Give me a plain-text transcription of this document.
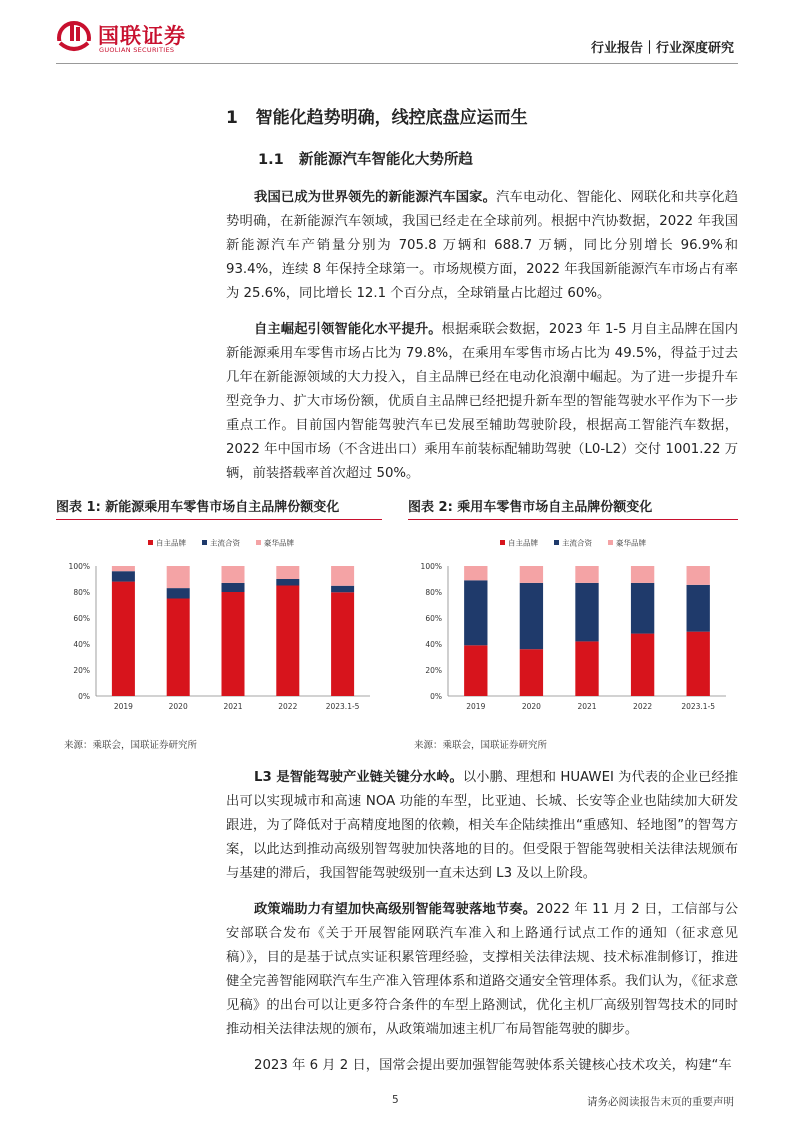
国联证券
GUOLIAN SECURITIES	行业报告｜行业深度研究
1   智能化趋势明确，线控底盘应运而生
1.1   新能源汽车智能化大势所趋
我国已成为世界领先的新能源汽车国家。汽车电动化、智能化、网联化和共享化趋势明确，在新能源汽车领域，我国已经走在全球前列。根据中汽协数据，2022 年我国新能源汽车产销量分别为 705.8 万辆和 688.7 万辆，同比分别增长 96.9%和 93.4%，连续 8 年保持全球第一。市场规模方面，2022 年我国新能源汽车市场占有率为 25.6%，同比增长 12.1 个百分点，全球销量占比超过 60%。
自主崛起引领智能化水平提升。根据乘联会数据，2023 年 1-5 月自主品牌在国内新能源乘用车零售市场占比为 79.8%，在乘用车零售市场占比为 49.5%，得益于过去几年在新能源领域的大力投入，自主品牌已经在电动化浪潮中崛起。为了进一步提升车型竞争力、扩大市场份额，优质自主品牌已经把提升新车型的智能驾驶水平作为下一步重点工作。目前国内智能驾驶汽车已发展至辅助驾驶阶段，根据高工智能汽车数据，2022 年中国市场（不含进出口）乘用车前装标配辅助驾驶（L0-L2）交付 1001.22 万辆，前装搭载率首次超过 50%。
图表 1: 新能源乘用车零售市场自主品牌份额变化	图表 2: 乘用车零售市场自主品牌份额变化
自主品牌	主流合资	豪华品牌
0%
20%
40%
60%
80%
100%
2019	2020	2021	2022	2023.1-5
自主品牌	主流合资	豪华品牌
0%
20%
40%
60%
80%
100%
2019	2020	2021	2022	2023.1-5
来源：乘联会，国联证券研究所	来源：乘联会，国联证券研究所
L3 是智能驾驶产业链关键分水岭。以小鹏、理想和 HUAWEI 为代表的企业已经推出可以实现城市和高速 NOA 功能的车型，比亚迪、长城、长安等企业也陆续加大研发跟进，为了降低对于高精度地图的依赖，相关车企陆续推出“重感知、轻地图”的智驾方案，以此达到推动高级别智驾驶加快落地的目的。但受限于智能驾驶相关法律法规颁布与基建的滞后，我国智能驾驶级别一直未达到 L3 及以上阶段。
政策端助力有望加快高级别智能驾驶落地节奏。2022 年 11 月 2 日，工信部与公安部联合发布《关于开展智能网联汽车准入和上路通行试点工作的通知（征求意见稿）》，目的是基于试点实证积累管理经验，支撑相关法律法规、技术标准制修订，推进健全完善智能网联汽车生产准入管理体系和道路交通安全管理体系。我们认为，《征求意见稿》的出台可以让更多符合条件的车型上路测试，优化主机厂高级别智驾技术的同时推动相关法律法规的颁布，从政策端加速主机厂布局智能驾驶的脚步。
2023 年 6 月 2 日，国常会提出要加强智能驾驶体系关键核心技术攻关，构建“车
5	请务必阅读报告末页的重要声明
